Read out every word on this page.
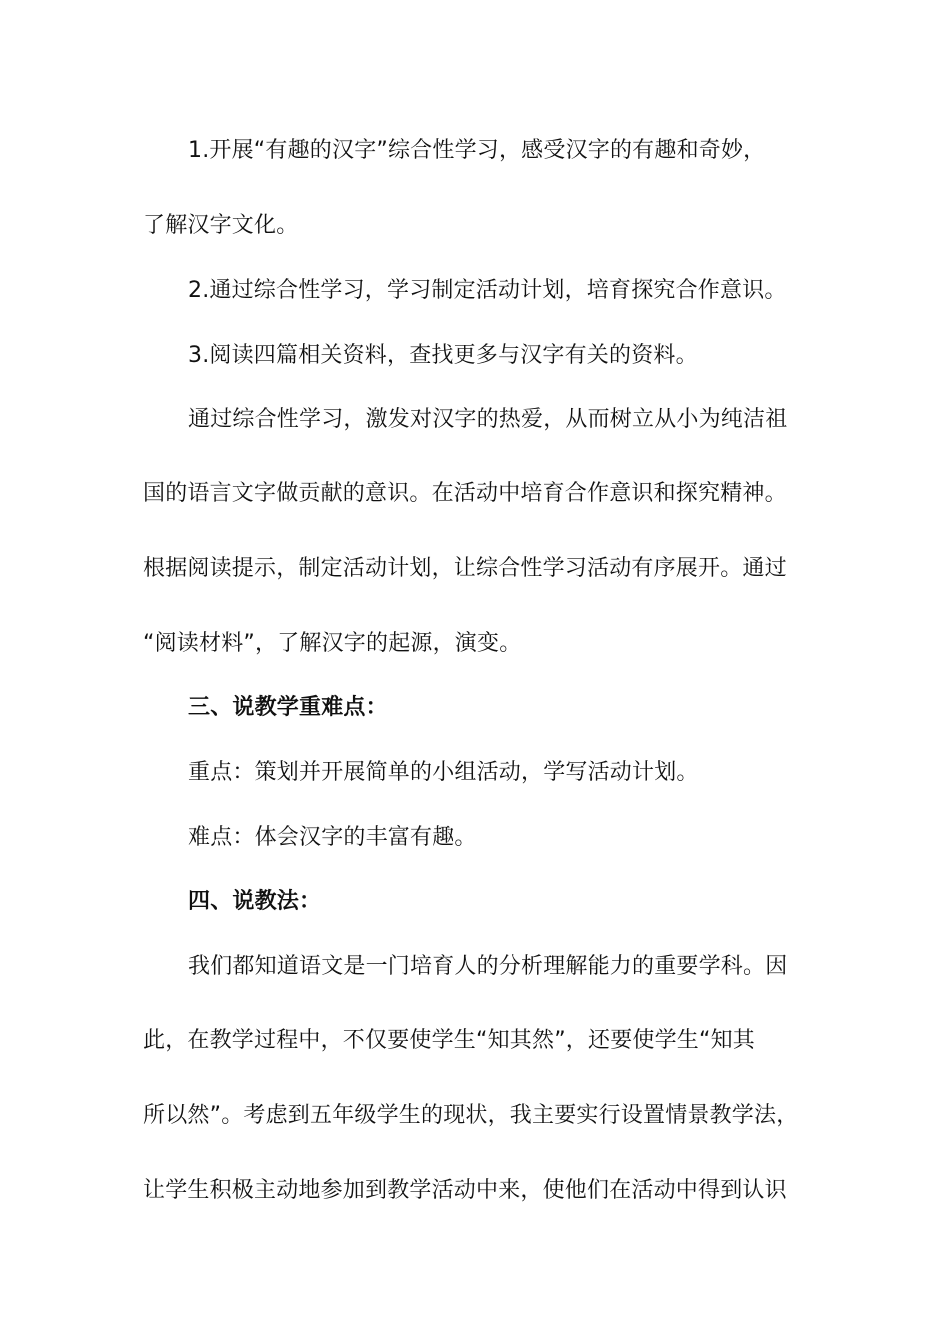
1.开展“有趣的汉字”综合性学习，感受汉字的有趣和奇妙，
了解汉字文化。
2.通过综合性学习，学习制定活动计划，培育探究合作意识。
3.阅读四篇相关资料，查找更多与汉字有关的资料。
通过综合性学习，激发对汉字的热爱，从而树立从小为纯洁祖
国的语言文字做贡献的意识。在活动中培育合作意识和探究精神。
根据阅读提示，制定活动计划，让综合性学习活动有序展开。通过
“阅读材料”，了解汉字的起源，演变。
三、说教学重难点：
重点：策划并开展简单的小组活动，学写活动计划。
难点：体会汉字的丰富有趣。
四、说教法：
我们都知道语文是一门培育人的分析理解能力的重要学科。因
此，在教学过程中，不仅要使学生“知其然”，还要使学生“知其
所以然”。考虑到五年级学生的现状，我主要实行设置情景教学法，
让学生积极主动地参加到教学活动中来，使他们在活动中得到认识
